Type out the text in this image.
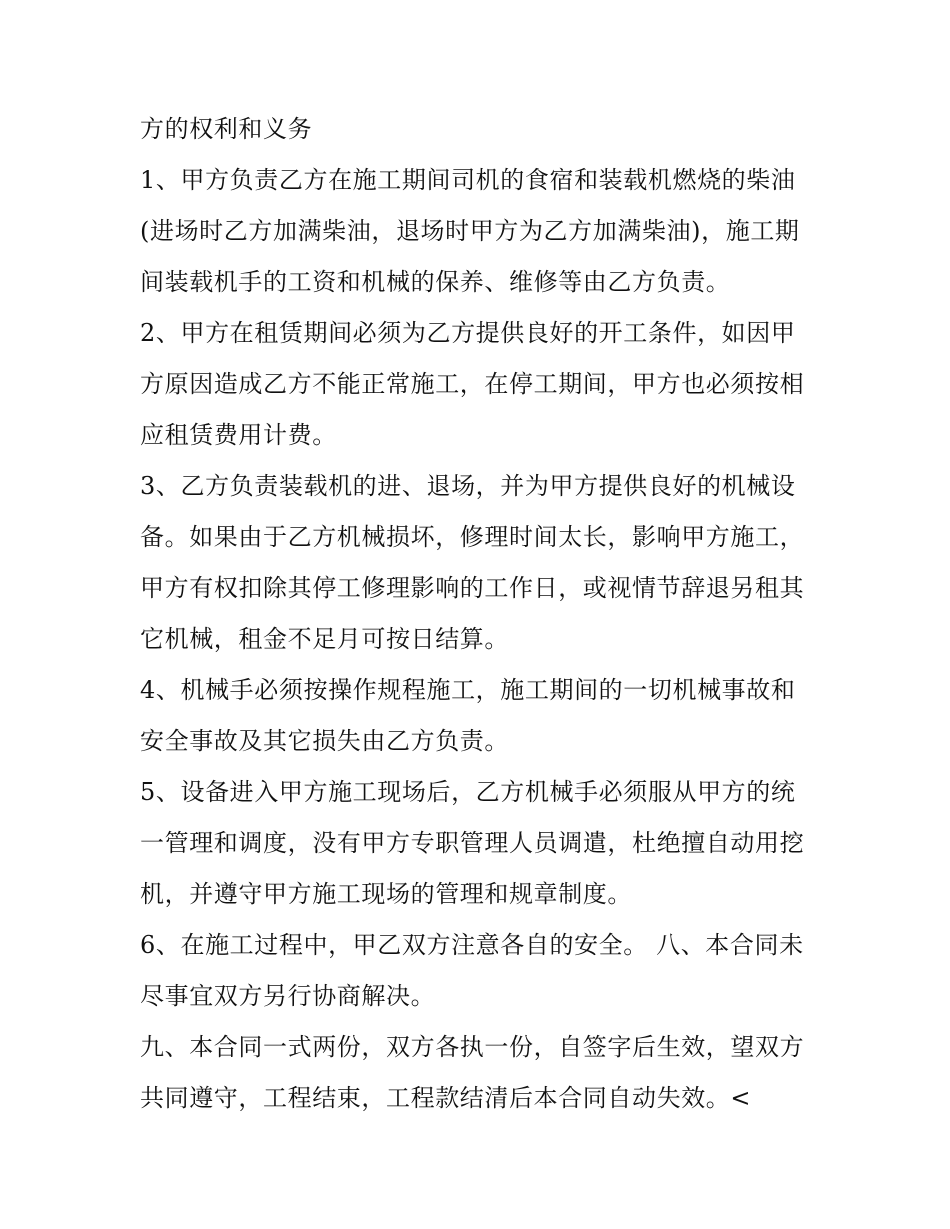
方的权利和义务

1、甲方负责乙方在施工期间司机的食宿和装载机燃烧的柴油(进场时乙方加满柴油，退场时甲方为乙方加满柴油)，施工期间装载机手的工资和机械的保养、维修等由乙方负责。

2、甲方在租赁期间必须为乙方提供良好的开工条件，如因甲方原因造成乙方不能正常施工，在停工期间，甲方也必须按相应租赁费用计费。

3、乙方负责装载机的进、退场，并为甲方提供良好的机械设备。如果由于乙方机械损坏，修理时间太长，影响甲方施工，甲方有权扣除其停工修理影响的工作日，或视情节辞退另租其它机械，租金不足月可按日结算。

4、机械手必须按操作规程施工，施工期间的一切机械事故和安全事故及其它损失由乙方负责。

5、设备进入甲方施工现场后，乙方机械手必须服从甲方的统一管理和调度，没有甲方专职管理人员调遣，杜绝擅自动用挖机，并遵守甲方施工现场的管理和规章制度。

6、在施工过程中，甲乙双方注意各自的安全。 八、本合同未尽事宜双方另行协商解决。

九、本合同一式两份，双方各执一份，自签字后生效，望双方共同遵守，工程结束，工程款结清后本合同自动失效。<
